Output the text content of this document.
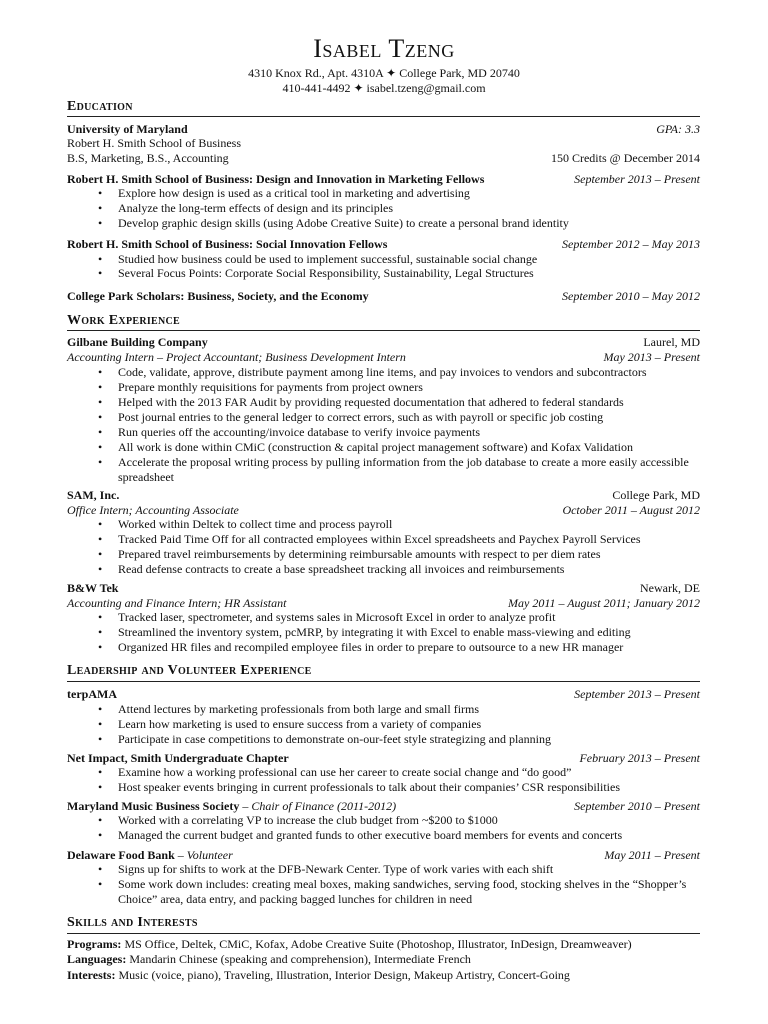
Isabel Tzeng
4310 Knox Rd., Apt. 4310A ✦ College Park, MD 20740
410-441-4492 ✦ isabel.tzeng@gmail.com
Education
University of Maryland	GPA: 3.3
Robert H. Smith School of Business
B.S, Marketing, B.S., Accounting	150 Credits @ December 2014
Robert H. Smith School of Business: Design and Innovation in Marketing Fellows	September 2013 – Present
• Explore how design is used as a critical tool in marketing and advertising
• Analyze the long-term effects of design and its principles
• Develop graphic design skills (using Adobe Creative Suite) to create a personal brand identity
Robert H. Smith School of Business: Social Innovation Fellows	September 2012 – May 2013
• Studied how business could be used to implement successful, sustainable social change
• Several Focus Points: Corporate Social Responsibility, Sustainability, Legal Structures
College Park Scholars: Business, Society, and the Economy	September 2010 – May 2012
Work Experience
Gilbane Building Company	Laurel, MD
Accounting Intern – Project Accountant; Business Development Intern	May 2013 – Present
• Code, validate, approve, distribute payment among line items, and pay invoices to vendors and subcontractors
• Prepare monthly requisitions for payments from project owners
• Helped with the 2013 FAR Audit by providing requested documentation that adhered to federal standards
• Post journal entries to the general ledger to correct errors, such as with payroll or specific job costing
• Run queries off the accounting/invoice database to verify invoice payments
• All work is done within CMiC (construction & capital project management software) and Kofax Validation
• Accelerate the proposal writing process by pulling information from the job database to create a more easily accessible spreadsheet
SAM, Inc.	College Park, MD
Office Intern; Accounting Associate	October 2011 – August 2012
• Worked within Deltek to collect time and process payroll
• Tracked Paid Time Off for all contracted employees within Excel spreadsheets and Paychex Payroll Services
• Prepared travel reimbursements by determining reimbursable amounts with respect to per diem rates
• Read defense contracts to create a base spreadsheet tracking all invoices and reimbursements
B&W Tek	Newark, DE
Accounting and Finance Intern; HR Assistant	May 2011 – August 2011; January 2012
• Tracked laser, spectrometer, and systems sales in Microsoft Excel in order to analyze profit
• Streamlined the inventory system, pcMRP, by integrating it with Excel to enable mass-viewing and editing
• Organized HR files and recompiled employee files in order to prepare to outsource to a new HR manager
Leadership and Volunteer Experience
terpAMA	September 2013 – Present
• Attend lectures by marketing professionals from both large and small firms
• Learn how marketing is used to ensure success from a variety of companies
• Participate in case competitions to demonstrate on-our-feet style strategizing and planning
Net Impact, Smith Undergraduate Chapter	February 2013 – Present
• Examine how a working professional can use her career to create social change and “do good”
• Host speaker events bringing in current professionals to talk about their companies’ CSR responsibilities
Maryland Music Business Society – Chair of Finance (2011-2012)	September 2010 – Present
• Worked with a correlating VP to increase the club budget from ~$200 to $1000
• Managed the current budget and granted funds to other executive board members for events and concerts
Delaware Food Bank – Volunteer	May 2011 – Present
• Signs up for shifts to work at the DFB-Newark Center. Type of work varies with each shift
• Some work down includes: creating meal boxes, making sandwiches, serving food, stocking shelves in the “Shopper’s Choice” area, data entry, and packing bagged lunches for children in need
Skills and Interests
Programs: MS Office, Deltek, CMiC, Kofax, Adobe Creative Suite (Photoshop, Illustrator, InDesign, Dreamweaver)
Languages: Mandarin Chinese (speaking and comprehension), Intermediate French
Interests: Music (voice, piano), Traveling, Illustration, Interior Design, Makeup Artistry, Concert-Going
